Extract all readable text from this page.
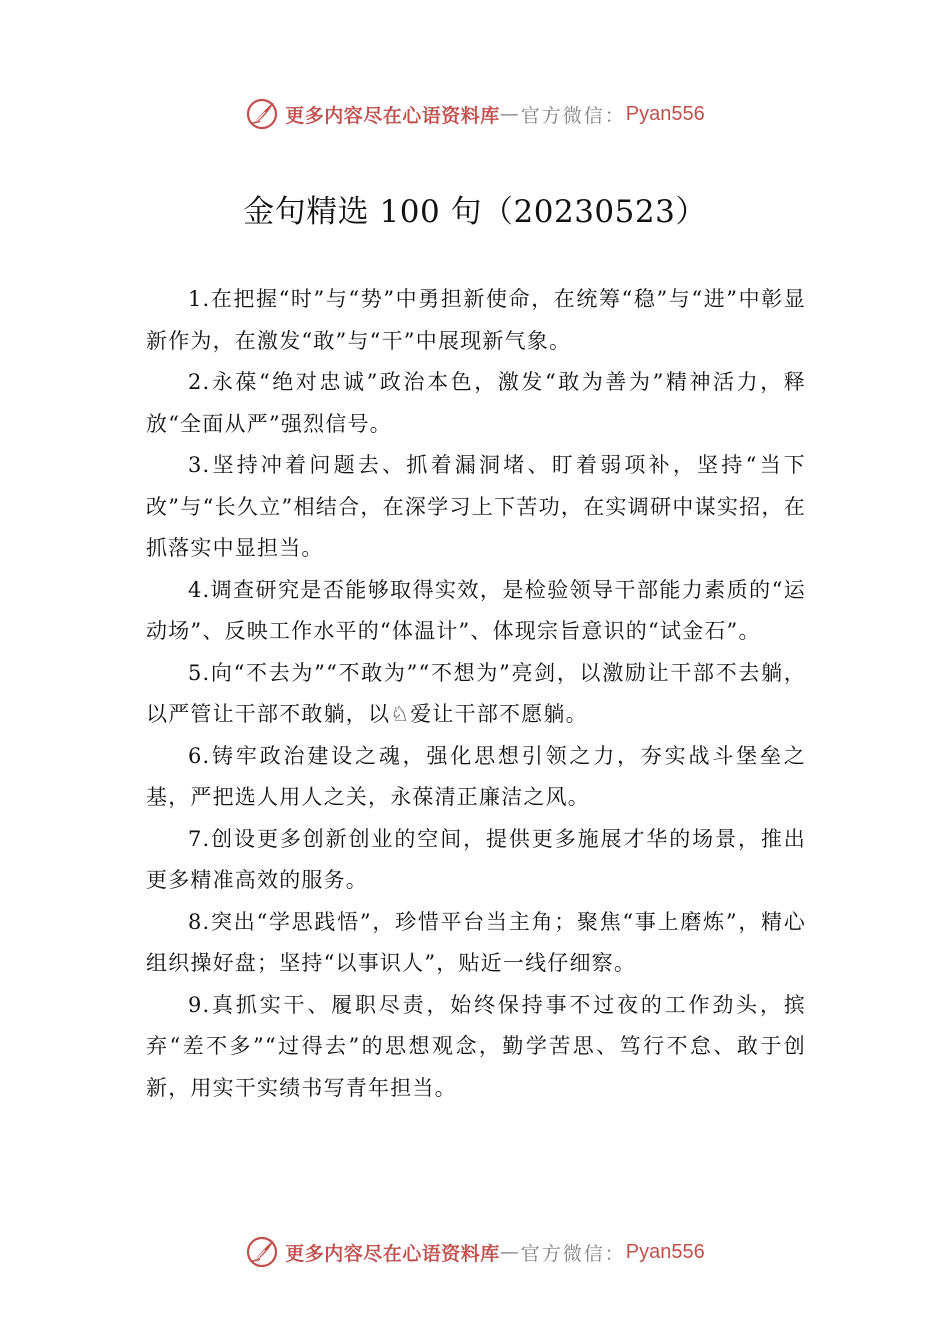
更多内容尽在心语资料库 — 官方微信： Pyan556
金句精选 100 句（20230523）

1.在把握“时”与“势”中勇担新使命，在统筹“稳”与“进”中彰显新作为，在激发“敢”与“干”中展现新气象。

2.永葆“绝对忠诚”政治本色，激发“敢为善为”精神活力，释放“全面从严”强烈信号。

3.坚持冲着问题去、抓着漏洞堵、盯着弱项补，坚持“当下改”与“长久立”相结合，在深学习上下苦功，在实调研中谋实招，在抓落实中显担当。

4.调查研究是否能够取得实效，是检验领导干部能力素质的“运动场”、反映工作水平的“体温计”、体现宗旨意识的“试金石”。

5.向“不去为”“不敢为”“不想为”亮剑，以激励让干部不去躺，以严管让干部不敢躺，以♘爱让干部不愿躺。

6.铸牢政治建设之魂，强化思想引领之力，夯实战斗堡垒之基，严把选人用人之关，永葆清正廉洁之风。

7.创设更多创新创业的空间，提供更多施展才华的场景，推出更多精准高效的服务。

8.突出“学思践悟”，珍惜平台当主角；聚焦“事上磨炼”，精心组织操好盘；坚持“以事识人”，贴近一线仔细察。

9.真抓实干、履职尽责，始终保持事不过夜的工作劲头，摈弃“差不多”“过得去”的思想观念，勤学苦思、笃行不怠、敢于创新，用实干实绩书写青年担当。

更多内容尽在心语资料库 — 官方微信： Pyan556
